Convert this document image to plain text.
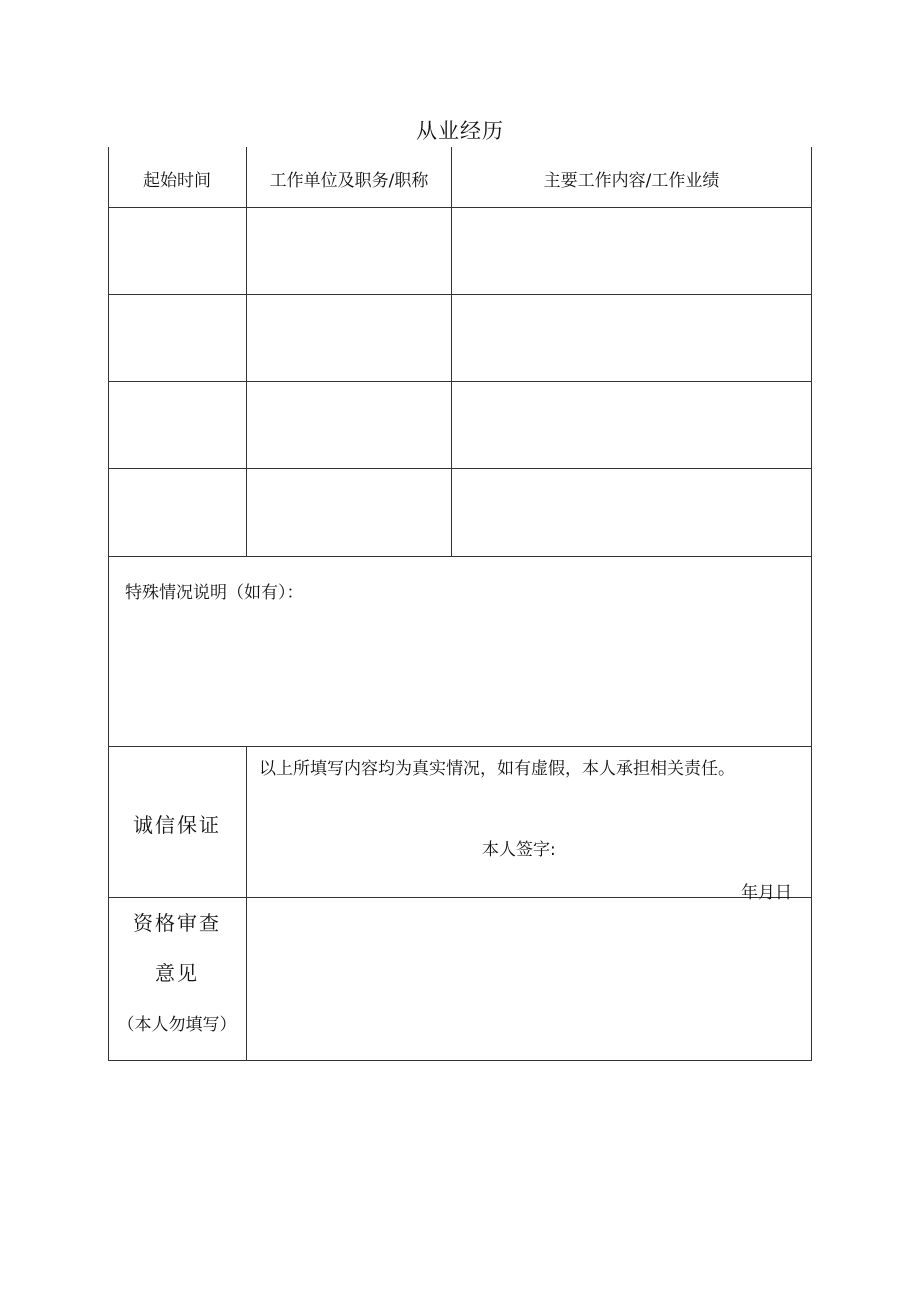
从业经历
起始时间	工作单位及职务/职称	主要工作内容/工作业绩
特殊情况说明（如有）：
诚信保证
以上所填写内容均为真实情况，如有虚假，本人承担相关责任。
本人签字:
年月日
资格审查
意见
（本人勿填写）
